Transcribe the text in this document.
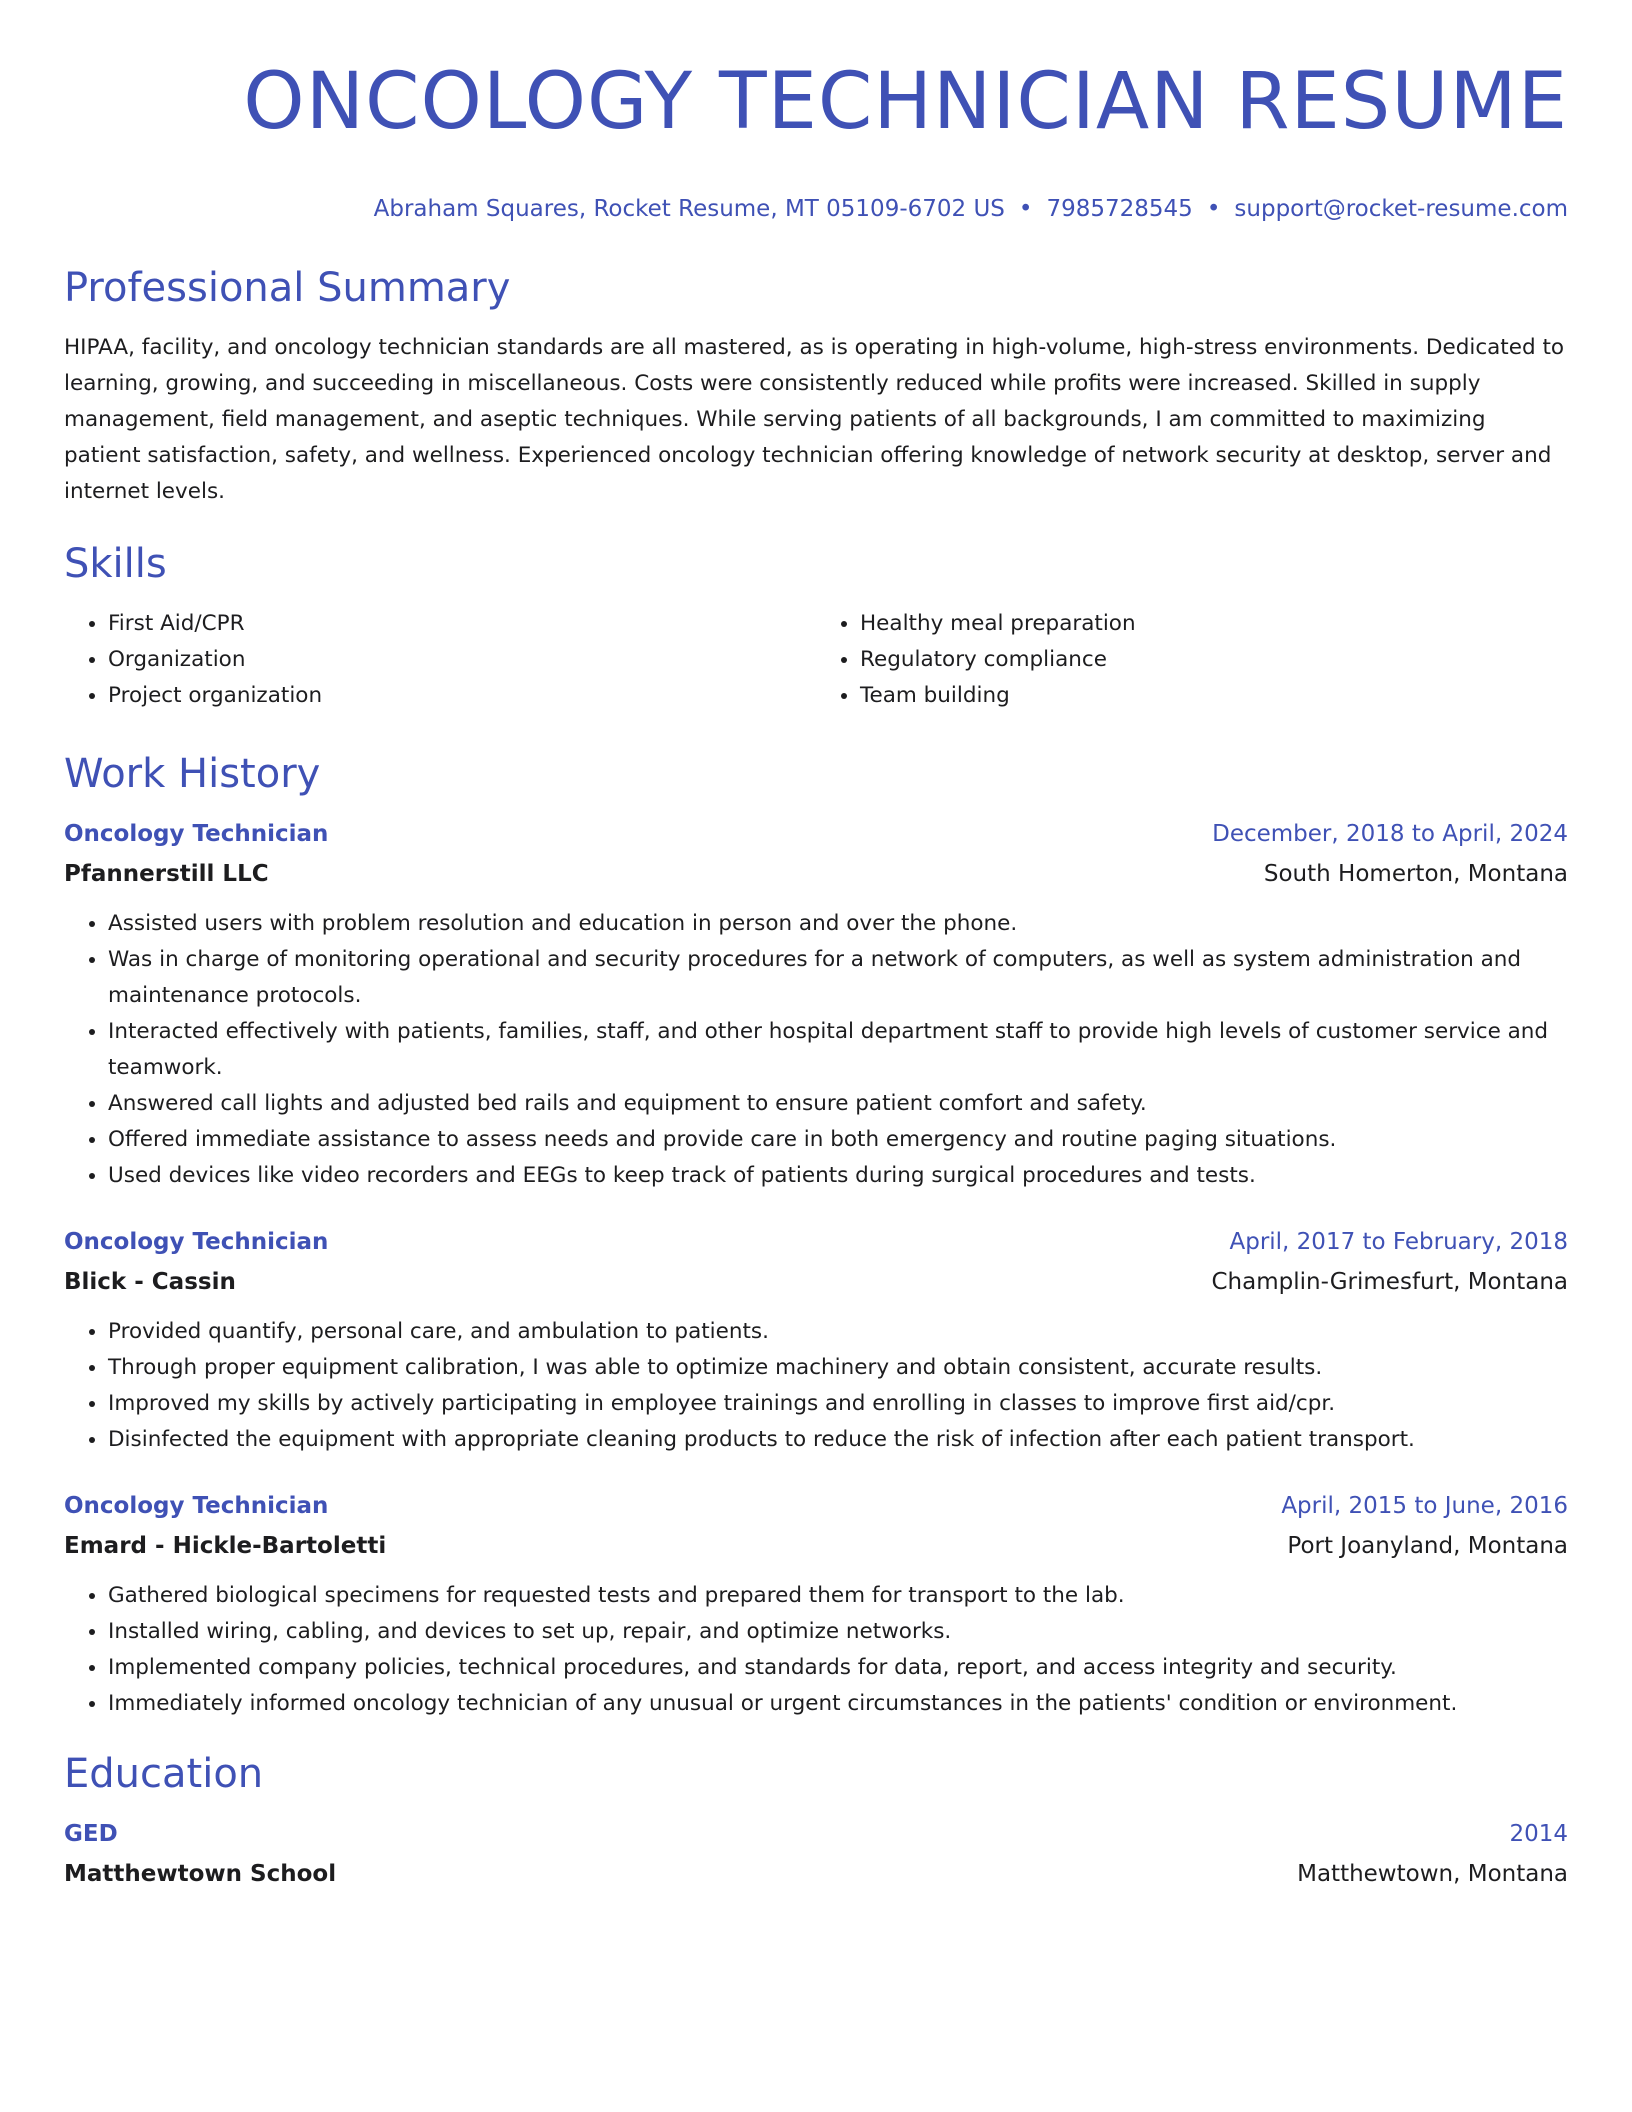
ONCOLOGY TECHNICIAN RESUME
Abraham Squares, Rocket Resume, MT 05109-6702 US • 7985728545 • support@rocket-resume.com
Professional Summary

HIPAA, facility, and oncology technician standards are all mastered, as is operating in high-volume, high-stress environments. Dedicated to learning, growing, and succeeding in miscellaneous. Costs were consistently reduced while profits were increased. Skilled in supply management, field management, and aseptic techniques. While serving patients of all backgrounds, I am committed to maximizing patient satisfaction, safety, and wellness. Experienced oncology technician offering knowledge of network security at desktop, server and internet levels.

Skills
• First Aid/CPR
• Organization
• Project organization
• Healthy meal preparation
• Regulatory compliance
• Team building
Work History
Oncology Technician	December, 2018 to April, 2024
Pfannerstill LLC	South Homerton, Montana
• Assisted users with problem resolution and education in person and over the phone.
• Was in charge of monitoring operational and security procedures for a network of computers, as well as system administration and maintenance protocols.
• Interacted effectively with patients, families, staff, and other hospital department staff to provide high levels of customer service and teamwork.
• Answered call lights and adjusted bed rails and equipment to ensure patient comfort and safety.
• Offered immediate assistance to assess needs and provide care in both emergency and routine paging situations.
• Used devices like video recorders and EEGs to keep track of patients during surgical procedures and tests.
Oncology Technician	April, 2017 to February, 2018
Blick - Cassin	Champlin-Grimesfurt, Montana
• Provided quantify, personal care, and ambulation to patients.
• Through proper equipment calibration, I was able to optimize machinery and obtain consistent, accurate results.
• Improved my skills by actively participating in employee trainings and enrolling in classes to improve first aid/cpr.
• Disinfected the equipment with appropriate cleaning products to reduce the risk of infection after each patient transport.
Oncology Technician	April, 2015 to June, 2016
Emard - Hickle-Bartoletti	Port Joanyland, Montana
• Gathered biological specimens for requested tests and prepared them for transport to the lab.
• Installed wiring, cabling, and devices to set up, repair, and optimize networks.
• Implemented company policies, technical procedures, and standards for data, report, and access integrity and security.
• Immediately informed oncology technician of any unusual or urgent circumstances in the patients' condition or environment.
Education
GED	2014
Matthewtown School	Matthewtown, Montana
